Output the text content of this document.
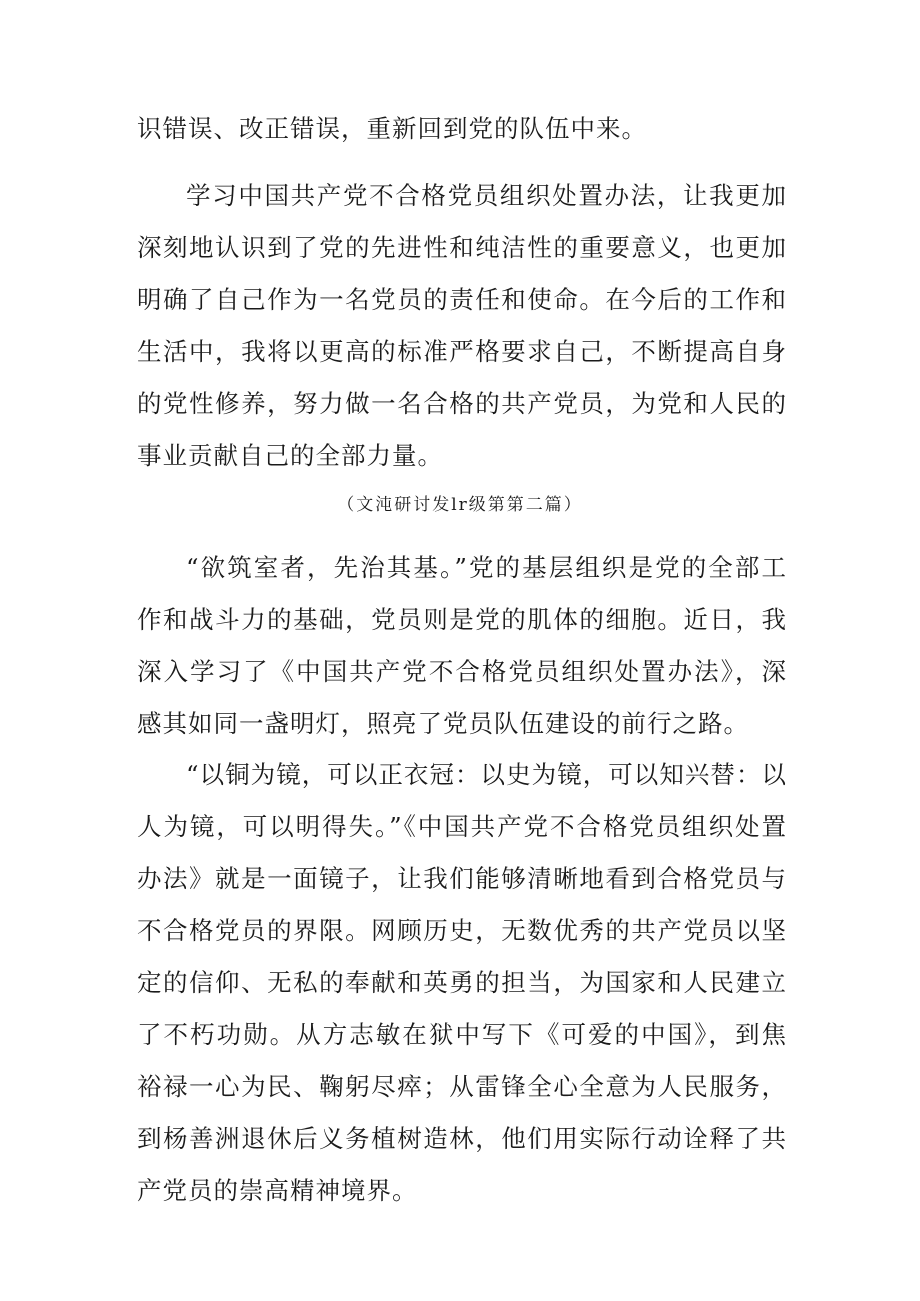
识错误、改正错误，重新回到党的队伍中来。

学习中国共产党不合格党员组织处置办法，让我更加深刻地认识到了党的先进性和纯洁性的重要意义，也更加明确了自己作为一名党员的责任和使命。在今后的工作和生活中，我将以更高的标准严格要求自己，不断提高自身的党性修养，努力做一名合格的共产党员，为党和人民的事业贡献自己的全部力量。

（文沌研讨发lr级第第二篇）

“欲筑室者，先治其基。”党的基层组织是党的全部工作和战斗力的基础，党员则是党的肌体的细胞。近日，我深入学习了《中国共产党不合格党员组织处置办法》，深感其如同一盏明灯，照亮了党员队伍建设的前行之路。

“以铜为镜，可以正衣冠：以史为镜，可以知兴替：以人为镜，可以明得失。”《中国共产党不合格党员组织处置办法》就是一面镜子，让我们能够清晰地看到合格党员与不合格党员的界限。网顾历史，无数优秀的共产党员以坚定的信仰、无私的奉献和英勇的担当，为国家和人民建立了不朽功勋。从方志敏在狱中写下《可爱的中国》，到焦裕禄一心为民、鞠躬尽瘁；从雷锋全心全意为人民服务，到杨善洲退休后义务植树造林，他们用实际行动诠释了共产党员的崇高精神境界。
